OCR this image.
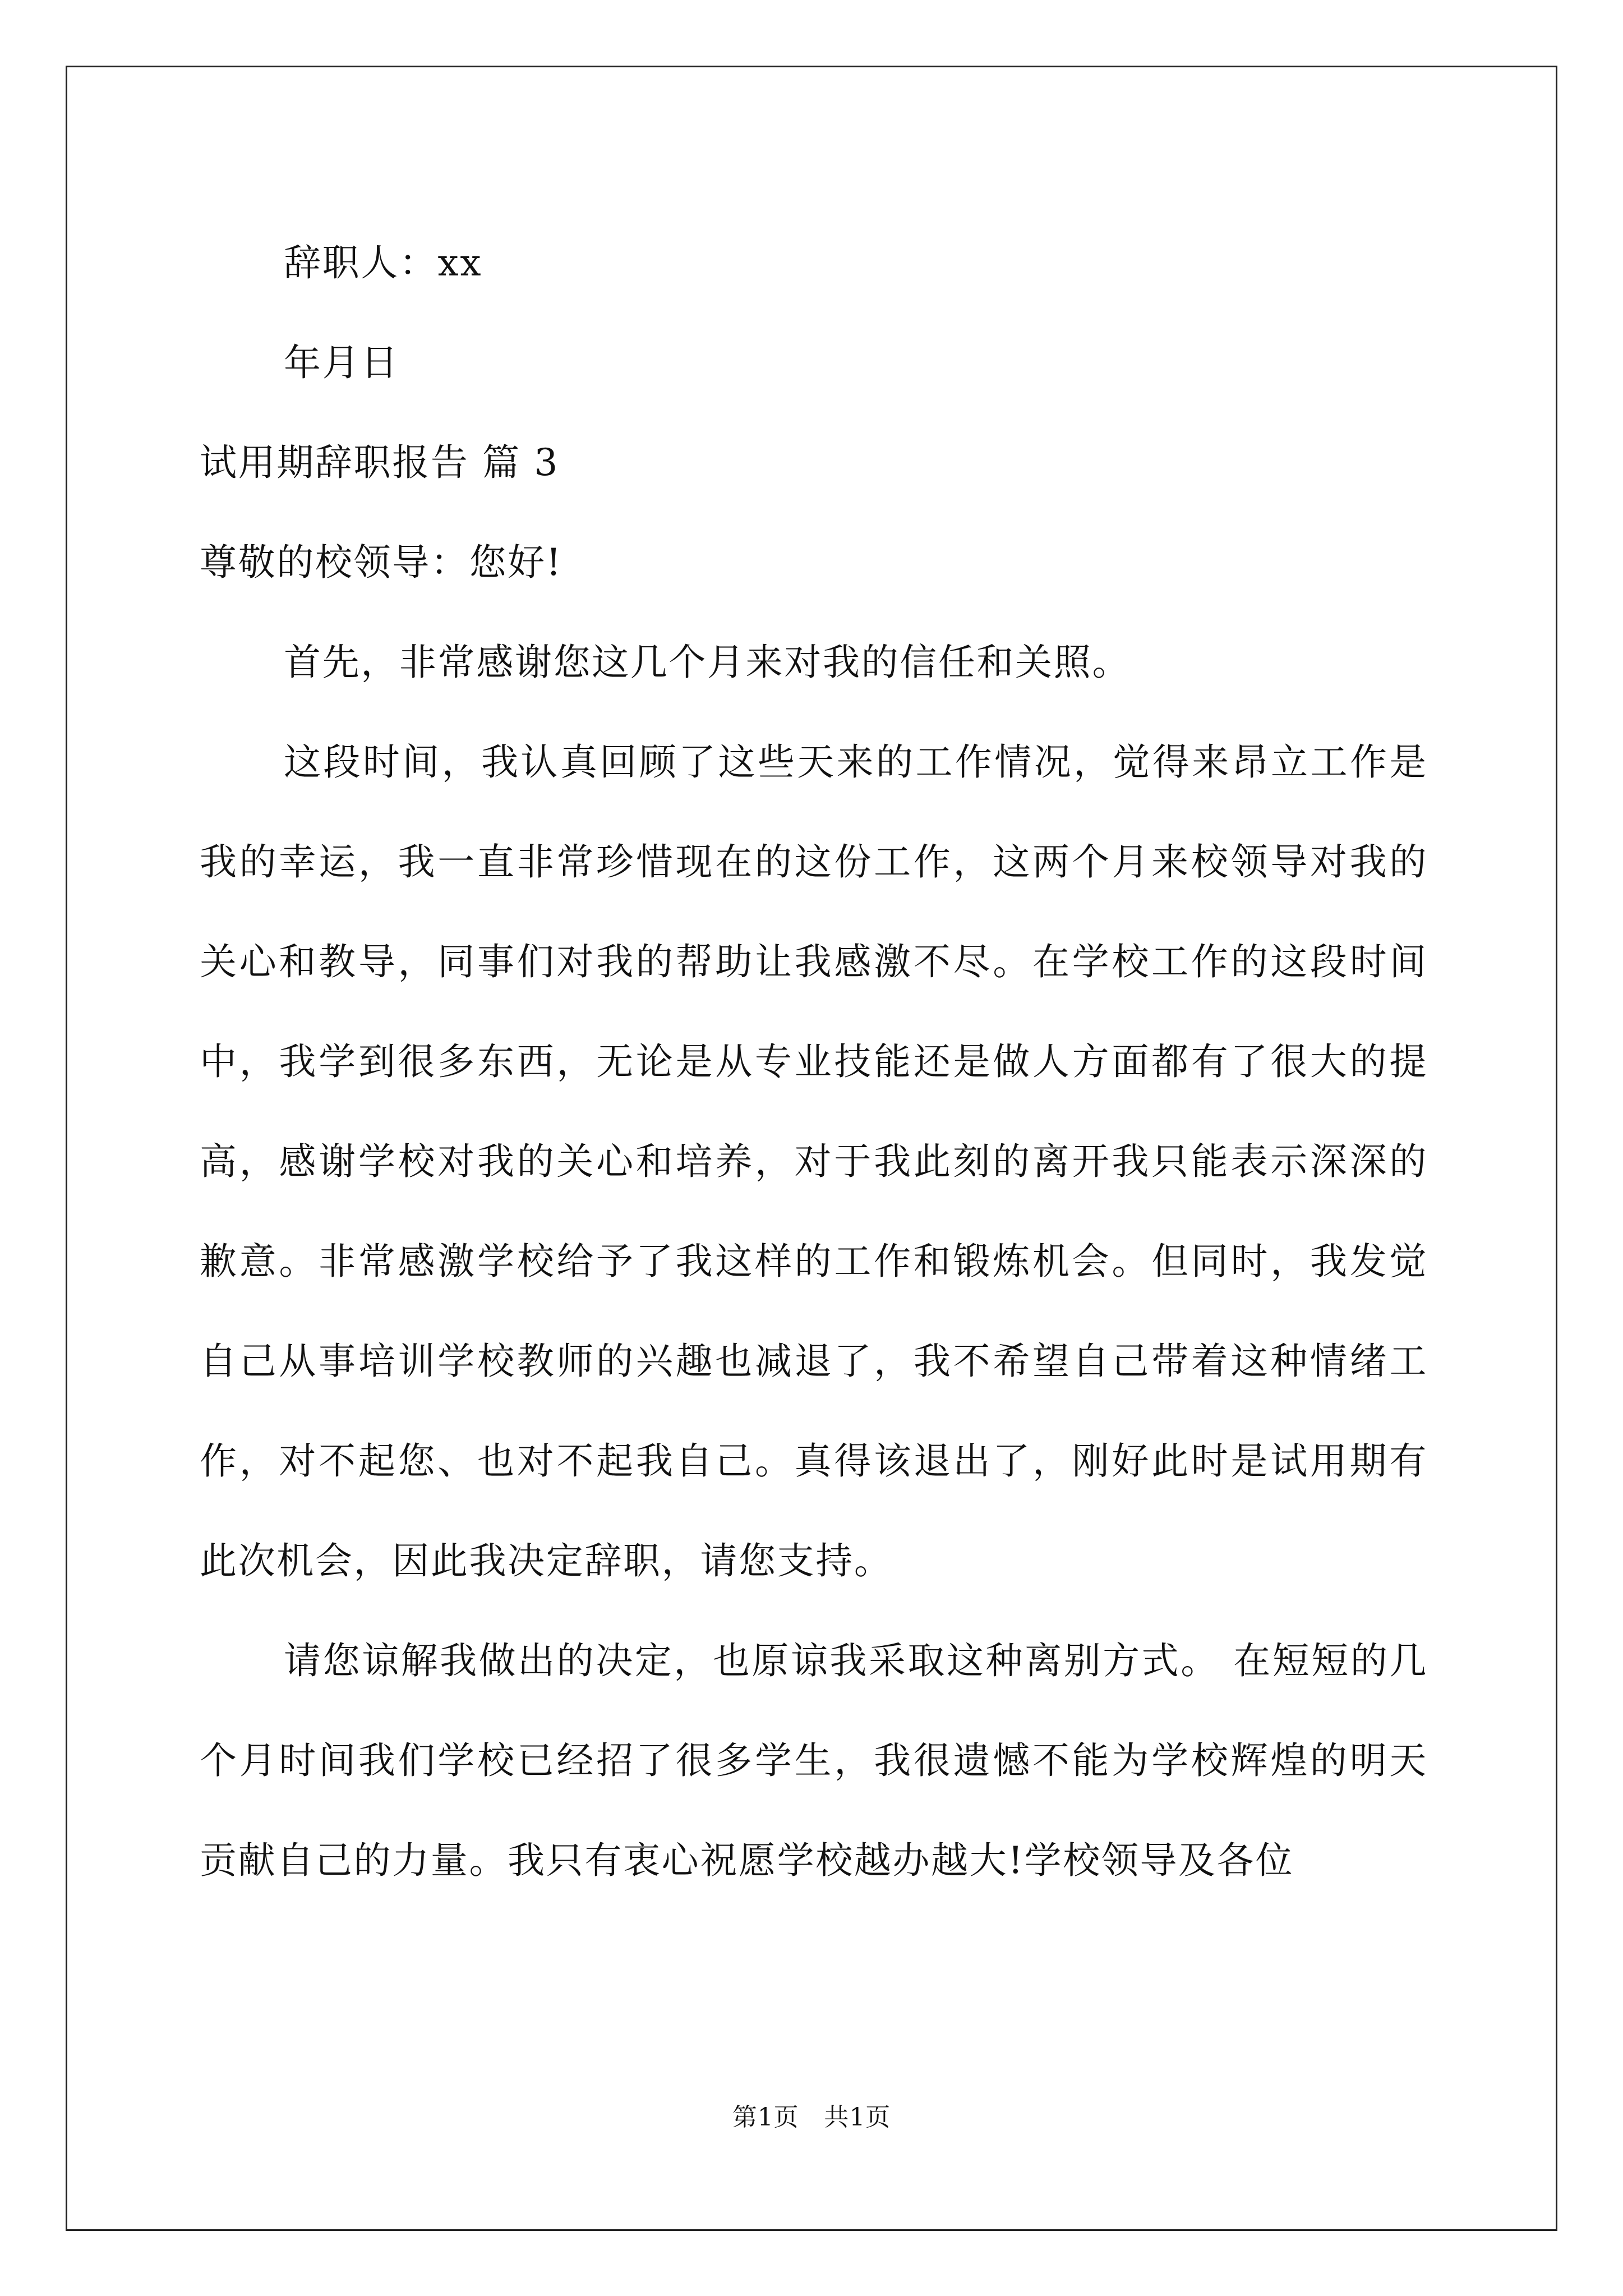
辞职人：xx

年月日

试用期辞职报告 篇 3

尊敬的校领导：您好!

首先，非常感谢您这几个月来对我的信任和关照。

这段时间，我认真回顾了这些天来的工作情况，觉得来昂立工作是我的幸运，我一直非常珍惜现在的这份工作，这两个月来校领导对我的关心和教导，同事们对我的帮助让我感激不尽。在学校工作的这段时间中，我学到很多东西，无论是从专业技能还是做人方面都有了很大的提高，感谢学校对我的关心和培养，对于我此刻的离开我只能表示深深的歉意。非常感激学校给予了我这样的工作和锻炼机会。但同时，我发觉自己从事培训学校教师的兴趣也减退了，我不希望自己带着这种情绪工作，对不起您、也对不起我自己。真得该退出了，刚好此时是试用期有此次机会，因此我决定辞职，请您支持。

请您谅解我做出的决定，也原谅我采取这种离别方式。 在短短的几个月时间我们学校已经招了很多学生，我很遗憾不能为学校辉煌的明天贡献自己的力量。我只有衷心祝愿学校越办越大!学校领导及各位

第1页　共1页
